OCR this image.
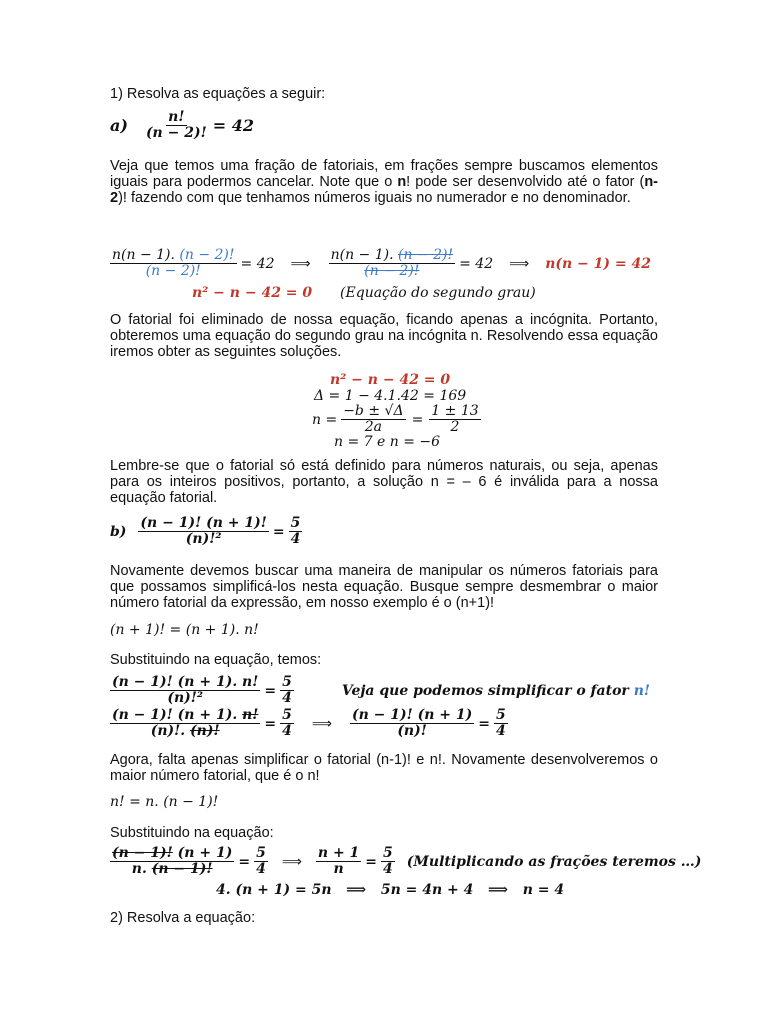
1) Resolva as equações a seguir:
$a) \frac{n!}{(n - 2)!} = 42$
Veja que temos uma fração de fatoriais, em frações sempre buscamos elementos iguais para podermos cancelar. Note que o n! pode ser desenvolvido até o fator (n-2)! fazendo com que tenhamos números iguais no numerador e no denominador.
$\frac{n(n - 1). (n - 2)!}{(n - 2)!} = 42$ ⟹ $\frac{n(n - 1). (n - 2)!}{(n - 2)!} = 42$ ⟹ n(n − 1) = 42
n² − n − 42 = 0 (Equação do segundo grau)
O fatorial foi eliminado de nossa equação, ficando apenas a incógnita. Portanto, obteremos uma equação do segundo grau na incógnita n. Resolvendo essa equação iremos obter as seguintes soluções.
n² − n − 42 = 0
Δ = 1 − 4.1.42 = 169
$n = \frac{-b \pm √\Delta}{2a} = \frac{1 \pm 13}{2}$
n = 7 e n = −6
Lembre-se que o fatorial só está definido para números naturais, ou seja, apenas para os inteiros positivos, portanto, a solução n = – 6 é inválida para a nossa equação fatorial.
$b) \frac{(n - 1)! (n + 1)!}{\text{(n)!²}} = \frac{5}{4}$
Novamente devemos buscar uma maneira de manipular os números fatoriais para que possamos simplificá-los nesta equação. Busque sempre desmembrar o maior número fatorial da expressão, em nosso exemplo é o (n+1)!
(n + 1)! = (n + 1). n!
Substituindo na equação, temos:
$\frac{(n - 1)! (n + 1). n!}{\text{(n)!²}} = \frac{5}{4}$	Veja que podemos simplificar o fator n!
$\frac{(n - 1)! (n + 1). n!}{(n)!. (n)!} = \frac{5}{4}$ ⟹ $\frac{(n - 1)! (n + 1)}{(n)!} = \frac{5}{4}$
Agora, falta apenas simplificar o fatorial (n-1)! e n!. Novamente desenvolveremos o maior número fatorial, que é o n!
n! = n. (n − 1)!
Substituindo na equação:
$\frac{(n - 1)! (n + 1)}{n. (n - 1)!} = \frac{5}{4}$ ⟹ $\frac{n + 1}{n} = \frac{5}{4}$ (Multiplicando as frações teremos …)
4. (n + 1) = 5n   ⟹   5n = 4n + 4   ⟹   n = 4
2) Resolva a equação:
